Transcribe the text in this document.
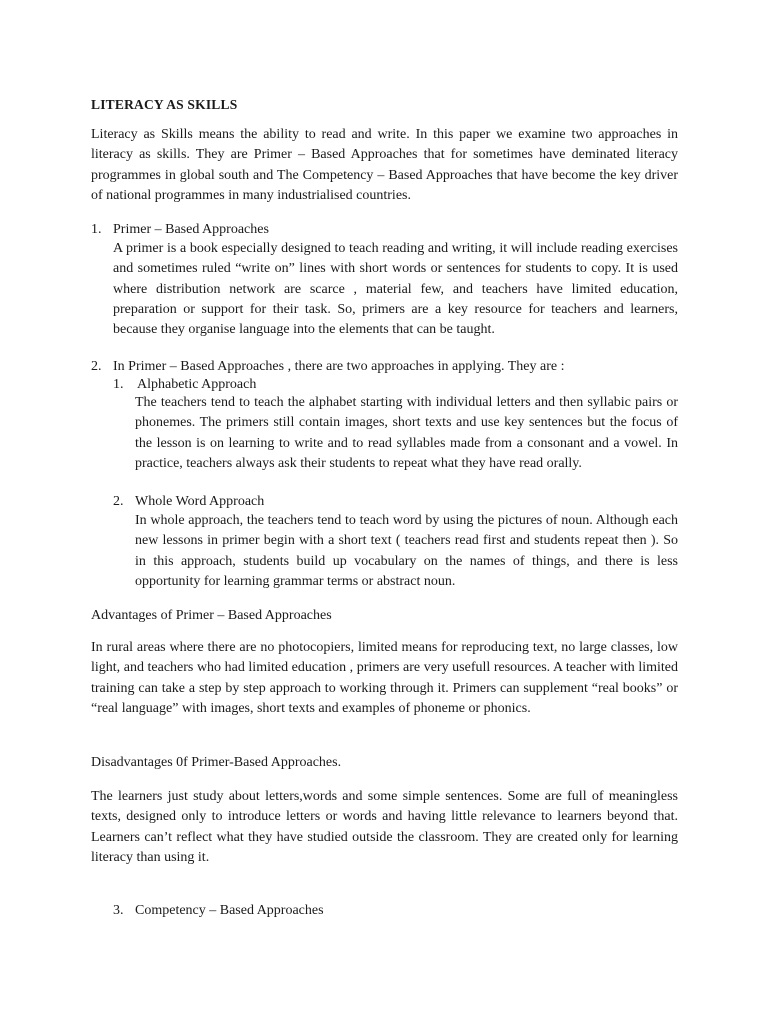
LITERACY AS SKILLS
Literacy as Skills means the ability to read and write. In this paper we examine two approaches in literacy as skills. They are Primer – Based Approaches that for sometimes have deminated literacy programmes in global south and The Competency – Based Approaches that have become the key driver of national programmes in many industrialised countries.
1. Primer – Based Approaches
A primer is a book especially designed to teach reading and writing, it will include reading exercises and sometimes ruled “write on” lines with short words or sentences for students to copy. It is used where distribution network are scarce , material few, and teachers have limited education, preparation or support for their task. So, primers are a key resource for teachers and learners, because they organise language into the elements that can be taught.
2. In Primer – Based Approaches , there are two approaches in applying. They are :
1. Alphabetic Approach
The teachers tend to teach the alphabet starting with individual letters and then syllabic pairs or phonemes. The primers still contain images, short texts and use key sentences but the focus of the lesson is on learning to write and to read syllables made from a consonant and a vowel. In practice, teachers always ask their students to repeat what they have read orally.
2. Whole Word Approach
In whole approach, the teachers tend to teach word by using the pictures of noun. Although each new lessons in primer begin with a short text ( teachers read first and students repeat then ). So in this approach, students build up vocabulary on the names of things, and there is less opportunity for learning grammar terms or abstract noun.
Advantages of Primer – Based Approaches
In rural areas where there are no photocopiers, limited means for reproducing text, no large classes, low light, and teachers who had limited education , primers are very usefull resources. A teacher with limited training can take a step by step approach to working through it. Primers can supplement “real books” or “real language” with images, short texts and examples of phoneme or phonics.
Disadvantages 0f Primer-Based Approaches.
The learners just study about letters,words and some simple sentences. Some are full of meaningless texts, designed only to introduce letters or words and having little relevance to learners beyond that. Learners can’t reflect what they have studied outside the classroom. They are created only for learning literacy than using it.
3. Competency – Based Approaches
